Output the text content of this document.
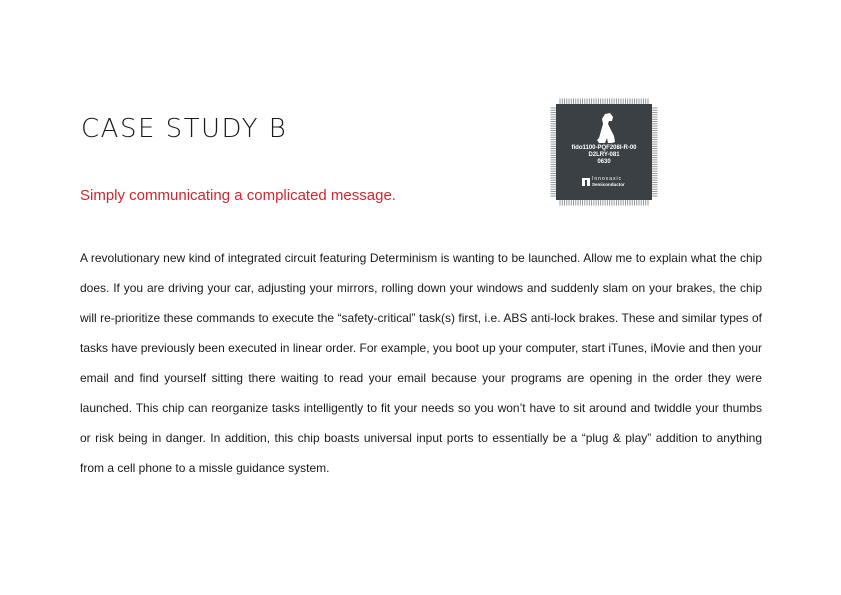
CASE STUDY B

Simply communicating a complicated message.

fido1100-PQF208I-R-00
D2LRY-081
0630
Innovasic
Semiconductor

A revolutionary new kind of integrated circuit featuring Determinism is wanting to be launched. Allow me to explain what the chip does. If you are driving your car, adjusting your mirrors, rolling down your windows and suddenly slam on your brakes, the chip will re-prioritize these commands to execute the “safety-critical” task(s) first, i.e. ABS anti-lock brakes. These and similar types of tasks have previously been executed in linear order. For example, you boot up your computer, start iTunes, iMovie and then your email and find yourself sitting there waiting to read your email because your programs are opening in the order they were launched. This chip can reorganize tasks intelligently to fit your needs so you won’t have to sit around and twiddle your thumbs or risk being in danger. In addition, this chip boasts universal input ports to essentially be a “plug & play” addition to anything from a cell phone to a missle guidance system.
